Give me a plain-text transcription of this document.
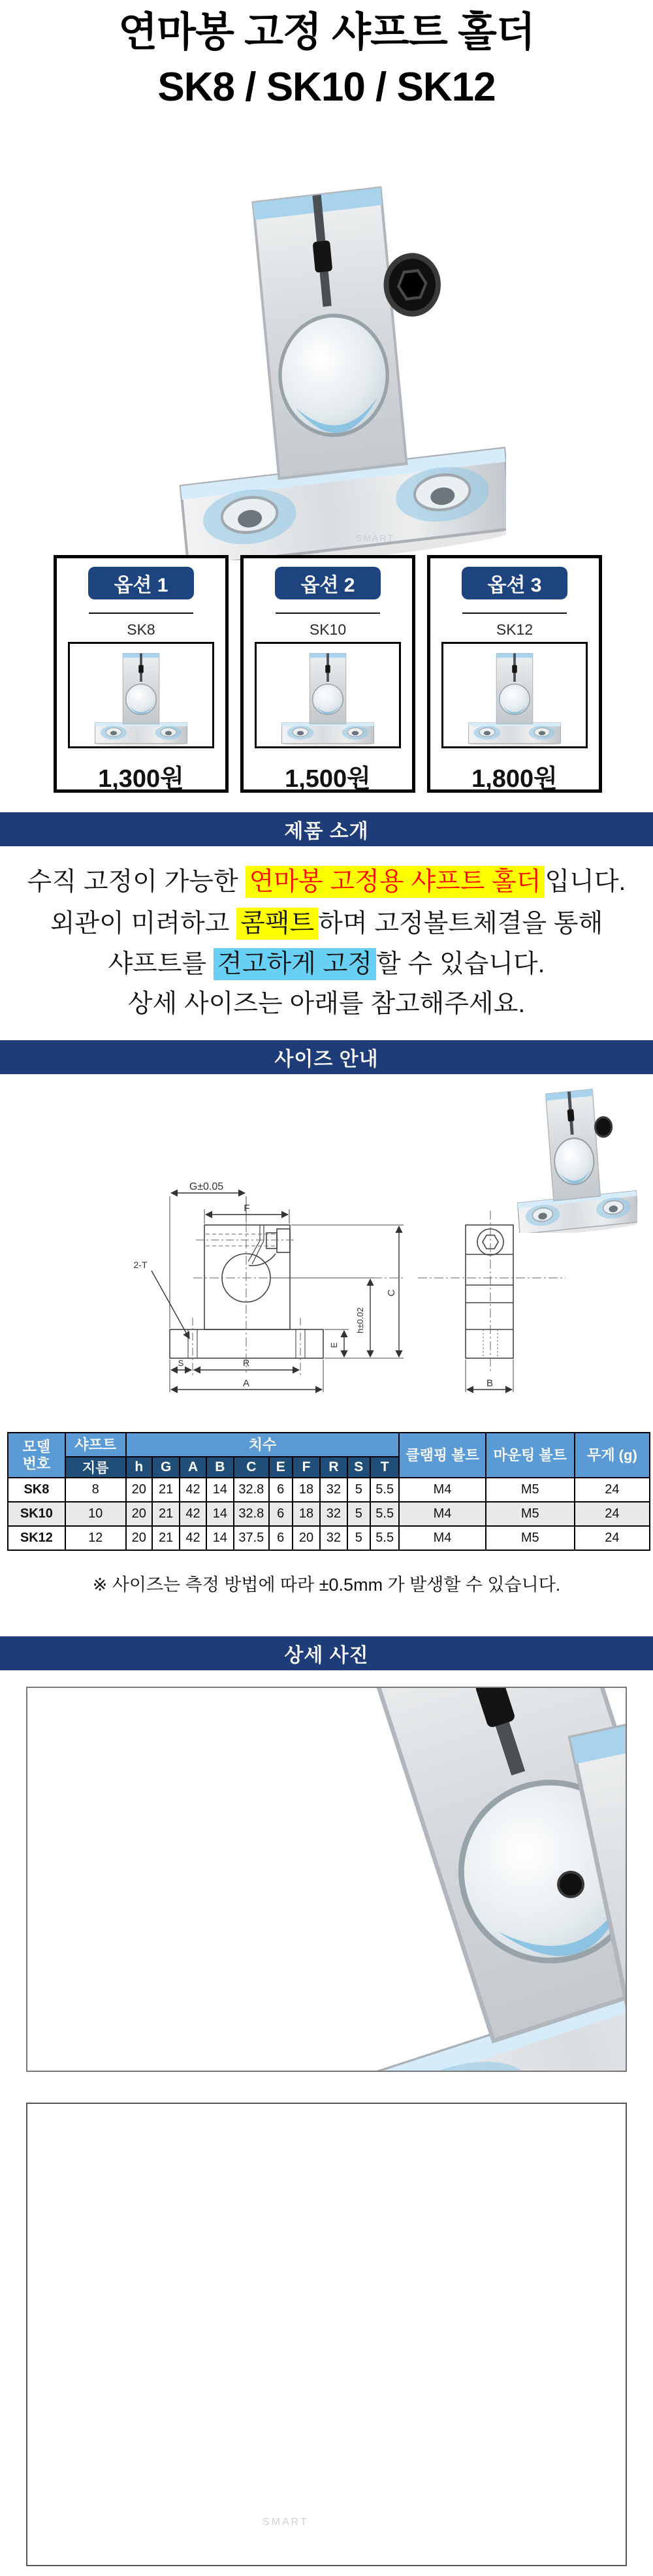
연마봉 고정 샤프트 홀더
SK8 / SK10 / SK12
SMART
옵션 1
SK8
1,300원
옵션 2
SK10
1,500원
옵션 3
SK12
1,800원
제품 소개
수직 고정이 가능한 연마봉 고정용 샤프트 홀더 입니다.
외관이 미려하고 콤팩트 하며 고정볼트체결을 통해
샤프트를 견고하게 고정 할 수 있습니다.
상세 사이즈는 아래를 참고해주세요.
사이즈 안내
G±0.05
F
2-T
C
h±0.02
E
S	R
A	B
모델
번호	샤프트	치수										클램핑 볼트	마운팅 볼트	무게 (g)
	지름	h	G	A	B	C	E	F	R	S	T			
SK8	8	20	21	42	14	32.8	6	18	32	5	5.5	M4	M5	24
SK10	10	20	21	42	14	32.8	6	18	32	5	5.5	M4	M5	24
SK12	12	20	21	42	14	37.5	6	20	32	5	5.5	M4	M5	24
※ 사이즈는 측정 방법에 따라 ±0.5mm 가 발생할 수 있습니다.
상세 사진
SMART
